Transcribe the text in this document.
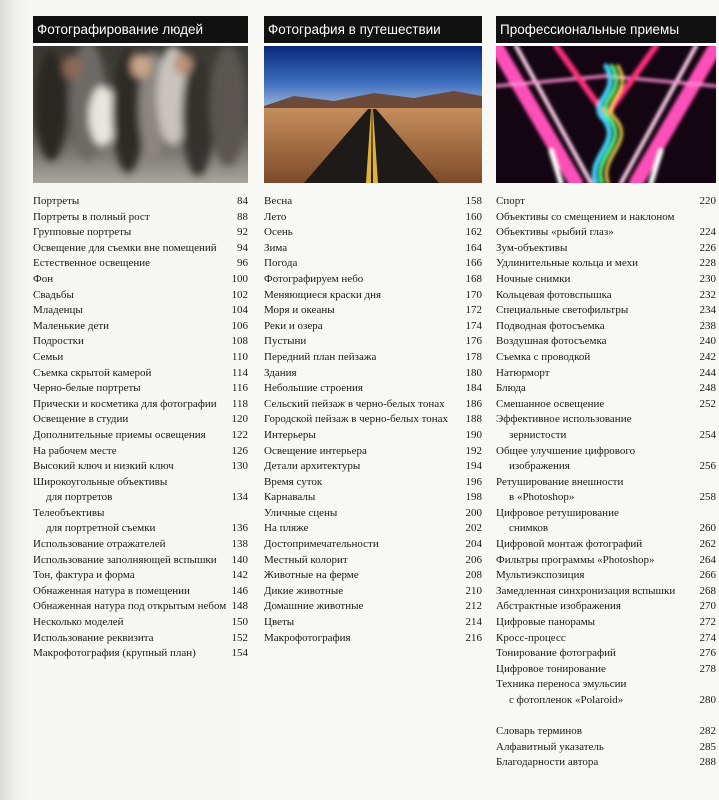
Фотографирование людей
Портреты	84
Портреты в полный рост	88
Групповые портреты	92
Освещение для съемки вне помещений	94
Естественное освещение	96
Фон	100
Свадьбы	102
Младенцы	104
Маленькие дети	106
Подростки	108
Семьи	110
Съемка скрытой камерой	114
Черно-белые портреты	116
Прически и косметика для фотографии	118
Освещение в студии	120
Дополнительные приемы освещения	122
На рабочем месте	126
Высокий ключ и низкий ключ	130
Широкоугольные объективы
для портретов	134
Телеобъективы
для портретной съемки	136
Использование отражателей	138
Использование заполняющей вспышки	140
Тон, фактура и форма	142
Обнаженная натура в помещении	146
Обнаженная натура под открытым небом 148
Несколько моделей	150
Использование реквизита	152
Макрофотография (крупный план)	154
Фотография в путешествии
Весна	158
Лето	160
Осень	162
Зима	164
Погода	166
Фотографируем небо	168
Меняющиеся краски дня	170
Моря и океаны	172
Реки и озера	174
Пустыни	176
Передний план пейзажа	178
Здания	180
Небольшие строения	184
Сельский пейзаж в черно-белых тонах	186
Городской пейзаж в черно-белых тонах	188
Интерьеры	190
Освещение интерьера	192
Детали архитектуры	194
Время суток	196
Карнавалы	198
Уличные сцены	200
На пляже	202
Достопримечательности	204
Местный колорит	206
Животные на ферме	208
Дикие животные	210
Домашние животные	212
Цветы	214
Макрофотография	216
Профессиональные приемы
Спорт	220
Объективы со смещением и наклоном
Объективы «рыбий глаз»	224
Зум-объективы	226
Удлинительные кольца и мехи	228
Ночные снимки	230
Кольцевая фотовспышка	232
Специальные светофильтры	234
Подводная фотосъемка	238
Воздушная фотосъемка	240
Съемка с проводкой	242
Натюрморт	244
Блюда	248
Смешанное освещение	252
Эффективное использование
зернистости	254
Общее улучшение цифрового
изображения	256
Ретуширование внешности
в «Photoshop»	258
Цифровое ретуширование
снимков	260
Цифровой монтаж фотографий	262
Фильтры программы «Photoshop»	264
Мультиэкспозиция	266
Замедленная синхронизация вспышки	268
Абстрактные изображения	270
Цифровые панорамы	272
Кросс-процесс	274
Тонирование фотографий	276
Цифровое тонирование	278
Техника переноса эмульсии
с фотопленок «Polaroid»	280
Словарь терминов	282
Алфавитный указатель	285
Благодарности автора	288
